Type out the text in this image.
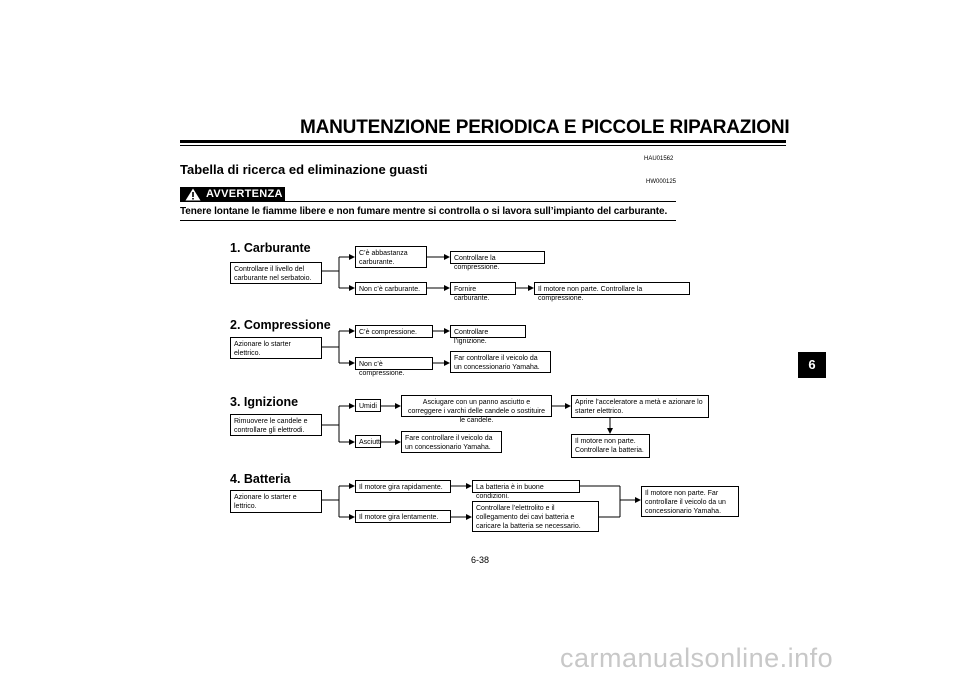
MANUTENZIONE PERIODICA E PICCOLE RIPARAZIONI
HAU01562
Tabella di ricerca ed eliminazione guasti
HW000125
AVVERTENZA
Tenere lontane le fiamme libere e non fumare mentre si controlla o si lavora sull’impianto del carburante.
1. Carburante
Controllare il livello del carburante nel serbatoio.
C’è abbastanza carburante.
Controllare la compressione.
Non c’è carburante.	Fornire carburante.
Il motore non parte. Controllare la compressione.
2. Compressione
Azionare lo starter elettrico.
C’è compressione.	Controllare l’ignizione.
Non c’è compressione.
Far controllare il veicolo da un concessionario Yamaha.
3. Ignizione
Rimuovere le candele e controllare gli elettrodi.
Umidi
Asciugare con un panno asciutto e correggere i varchi delle candele o sostituire le candele.
Aprire l’acceleratore a metà e azionare lo starter elettrico.
Il motore non parte. Controllare la batteria.
Asciutti
Fare controllare il veicolo da un concessionario Yamaha.
4. Batteria
Azionare lo starter e lettrico.
Il motore gira rapidamente.	La batteria è in buone condizioni.
Il motore gira lentamente.
Controllare l’elettrolito e il collegamento dei cavi batteria e caricare la batteria se necessario.
Il motore non parte. Far controllare il veicolo da un concessionario Yamaha.
6
6-38
carmanualsonline.info
